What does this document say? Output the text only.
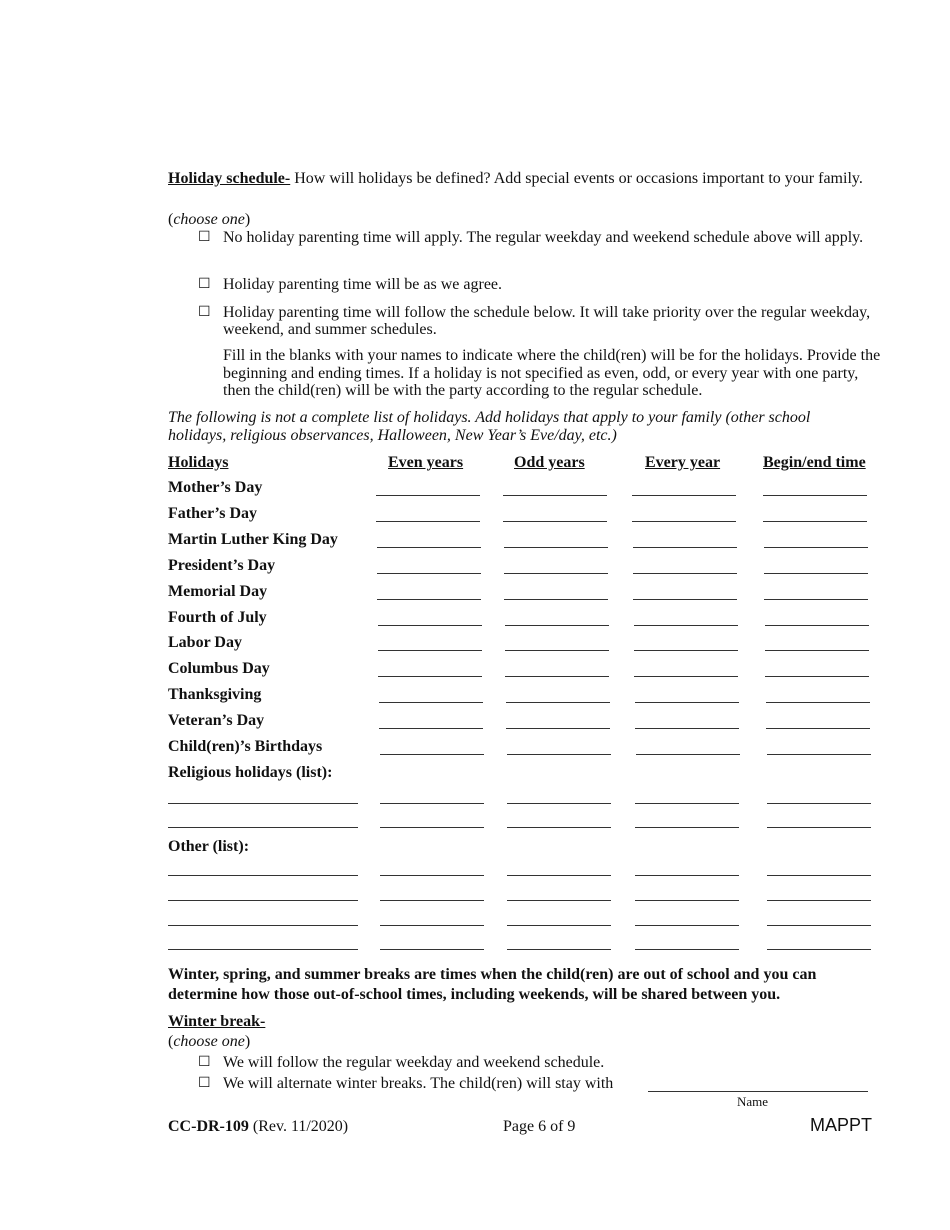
Holiday schedule- How will holidays be defined? Add special events or occasions important to your family.
(choose one)
☐ No holiday parenting time will apply. The regular weekday and weekend schedule above will apply.
☐ Holiday parenting time will be as we agree.
☐ Holiday parenting time will follow the schedule below. It will take priority over the regular weekday, weekend, and summer schedules.
Fill in the blanks with your names to indicate where the child(ren) will be for the holidays. Provide the beginning and ending times. If a holiday is not specified as even, odd, or every year with one party, then the child(ren) will be with the party according to the regular schedule.
The following is not a complete list of holidays. Add holidays that apply to your family (other school holidays, religious observances, Halloween, New Year’s Eve/day, etc.)
Holidays	Even years	Odd years	Every year	Begin/end time
Mother’s Day
Father’s Day
Martin Luther King Day
President’s Day
Memorial Day
Fourth of July
Labor Day
Columbus Day
Thanksgiving
Veteran’s Day
Child(ren)’s Birthdays
Religious holidays (list):
Other (list):
Winter, spring, and summer breaks are times when the child(ren) are out of school and you can determine how those out-of-school times, including weekends, will be shared between you.
Winter break-
(choose one)
☐ We will follow the regular weekday and weekend schedule.
☐ We will alternate winter breaks. The child(ren) will stay with
Name
CC-DR-109 (Rev. 11/2020)	Page 6 of 9	MAPPT
